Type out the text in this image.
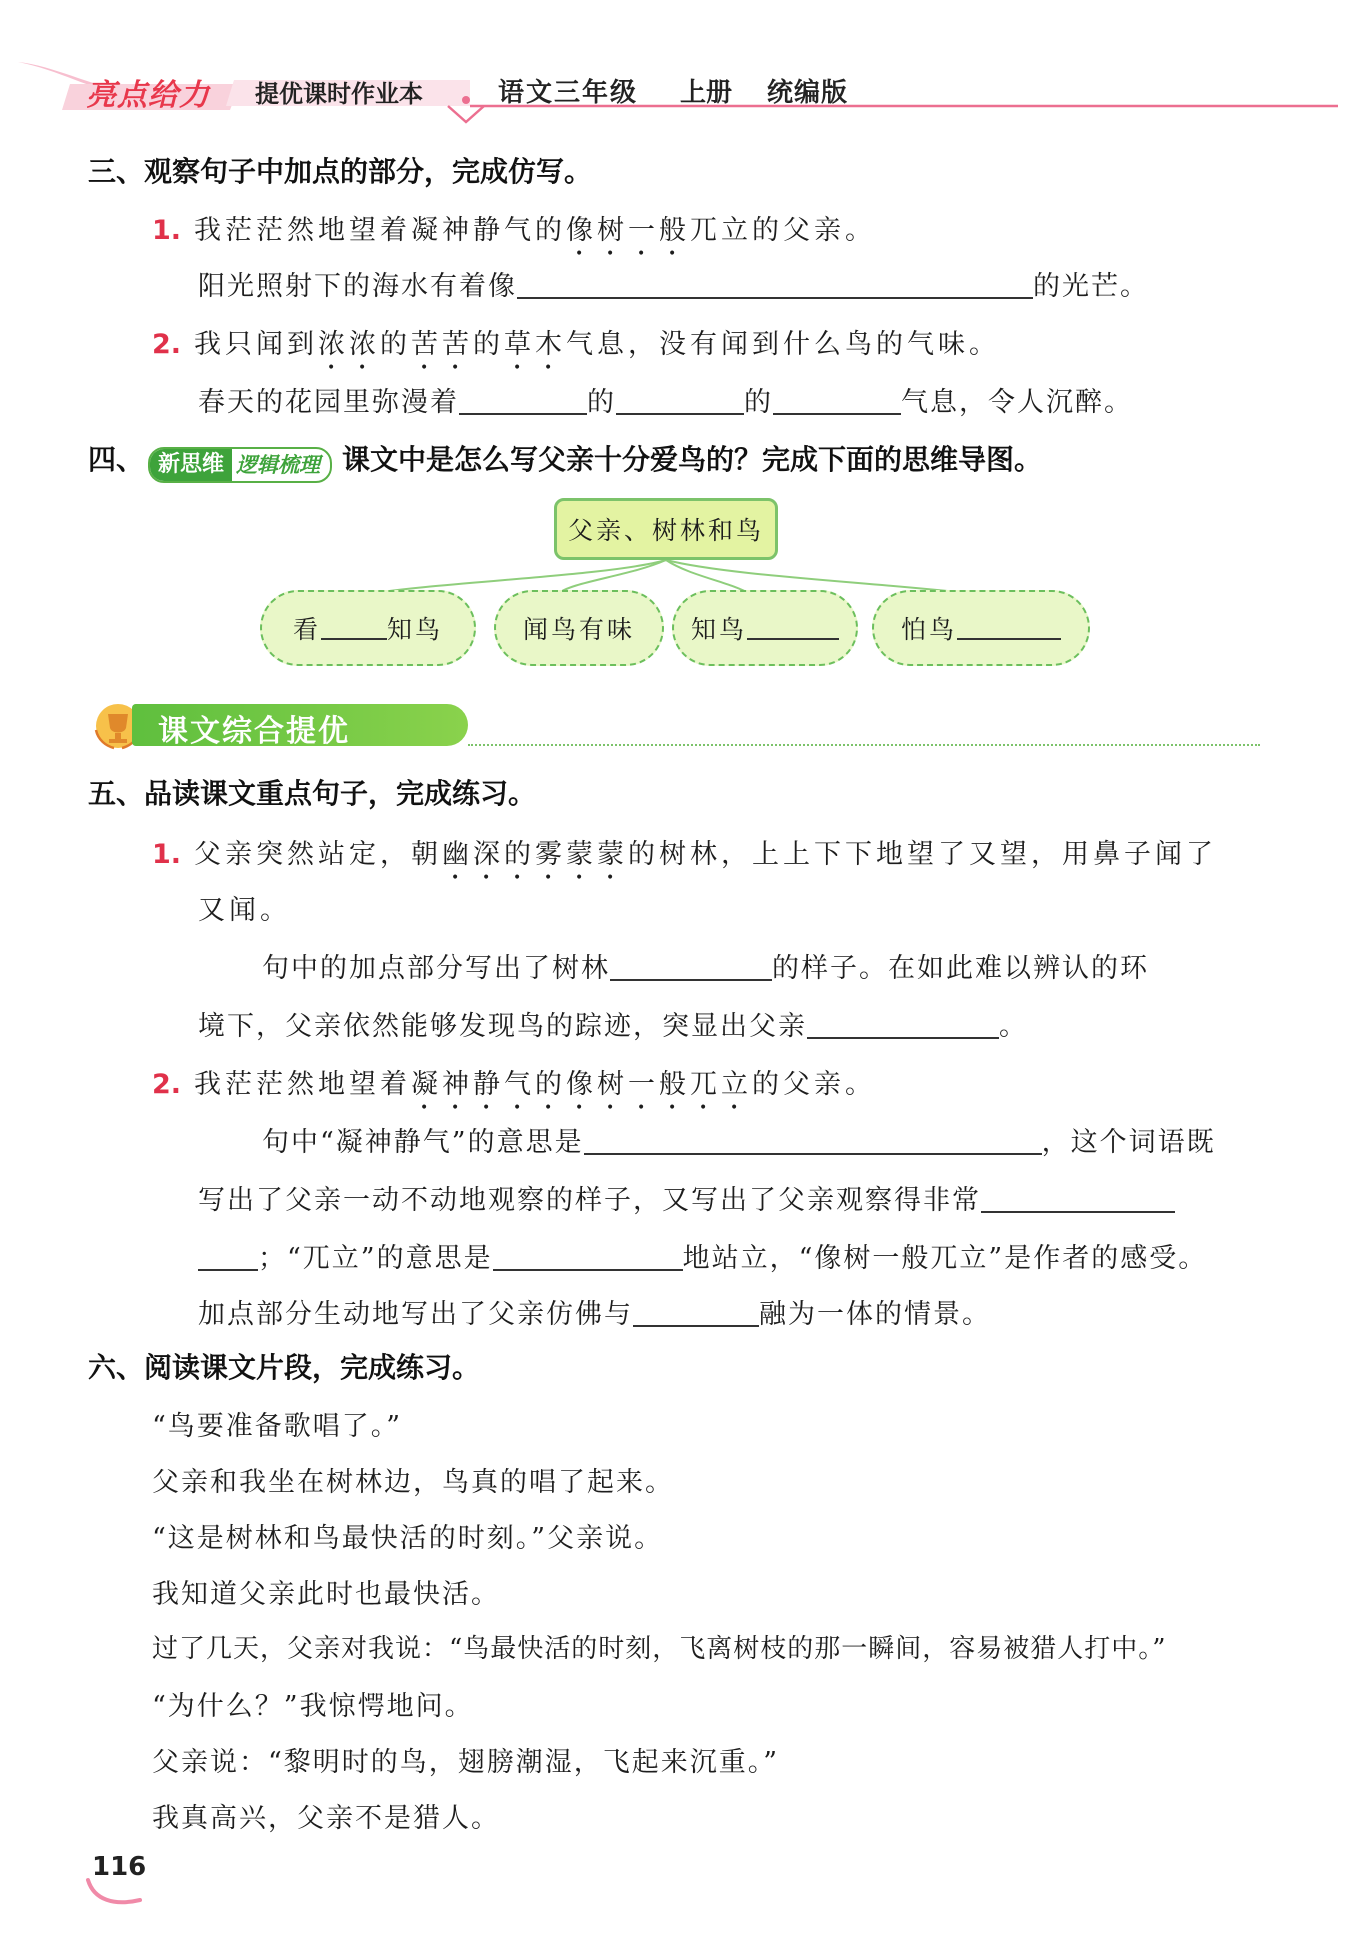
亮点给力 提优课时作业本	语文三年级 上册 统编版
三、观察句子中加点的部分，完成仿写。
1. 我茫茫然地望着凝神静气的像树一般兀立的父亲。
阳光照射下的海水有着像	的光芒。
2. 我只闻到浓浓的苦苦的草木气息，没有闻到什么鸟的气味。
春天的花园里弥漫着	的	的	气息，令人沉醉。
四、 新思维 逻辑梳理 课文中是怎么写父亲十分爱鸟的？完成下面的思维导图。
父亲、树林和鸟
看	知鸟	闻鸟有味	知鸟	怕鸟
课文综合提优
五、品读课文重点句子，完成练习。
1. 父亲突然站定，朝幽深的雾蒙蒙的树林，上上下下地望了又望，用鼻子闻了
又闻。
句中的加点部分写出了树林	的样子。在如此难以辨认的环
境下，父亲依然能够发现鸟的踪迹，突显出父亲	。
2. 我茫茫然地望着凝神静气的像树一般兀立的父亲。
句中“凝神静气”的意思是	，这个词语既
写出了父亲一动不动地观察的样子，又写出了父亲观察得非常
；“兀立”的意思是	地站立，“像树一般兀立”是作者的感受。
加点部分生动地写出了父亲仿佛与	融为一体的情景。
六、阅读课文片段，完成练习。
“鸟要准备歌唱了。”
父亲和我坐在树林边，鸟真的唱了起来。
“这是树林和鸟最快活的时刻。”父亲说。
我知道父亲此时也最快活。
过了几天，父亲对我说：“鸟最快活的时刻，飞离树枝的那一瞬间，容易被猎人打中。”
“为什么？”我惊愕地问。
父亲说：“黎明时的鸟，翅膀潮湿，飞起来沉重。”
我真高兴，父亲不是猎人。
116
